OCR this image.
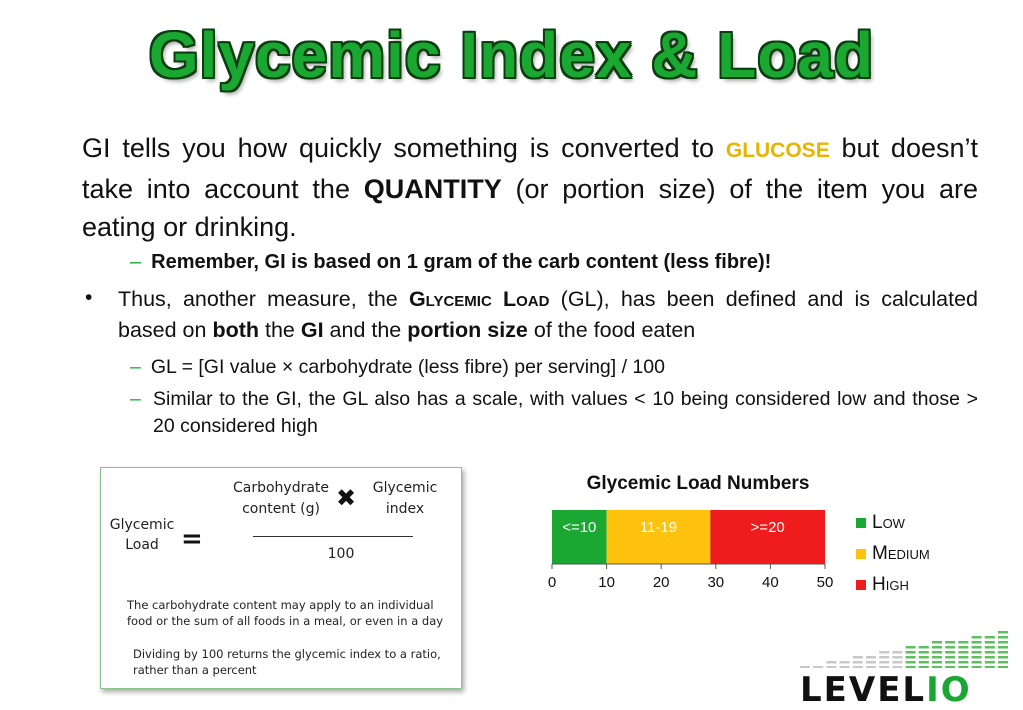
Glycemic Index & Load
GI tells you how quickly something is converted to GLUCOSE but doesn’t take into account the QUANTITY (or portion size) of the item you are eating or drinking.
– Remember, GI is based on 1 gram of the carb content (less fibre)!
• Thus, another measure, the Glycemic Load (GL), has been defined and is calculated based on both the GI and the portion size of the food eaten
– GL = [GI value × carbohydrate (less fibre) per serving] / 100
– Similar to the GI, the GL also has a scale, with values < 10 being considered low and those > 20 considered high
Glycemic
Load =
Carbohydrate
content (g) ✖	Glycemic
index
100
The carbohydrate content may apply to an individual food or the sum of all foods in a meal, or even in a day
Dividing by 100 returns the glycemic index to a ratio, rather than a percent
Glycemic Load Numbers
<=10	11-19	>=20
0	10	20	30	40	50
Low
Medium
High
LEVELIO
